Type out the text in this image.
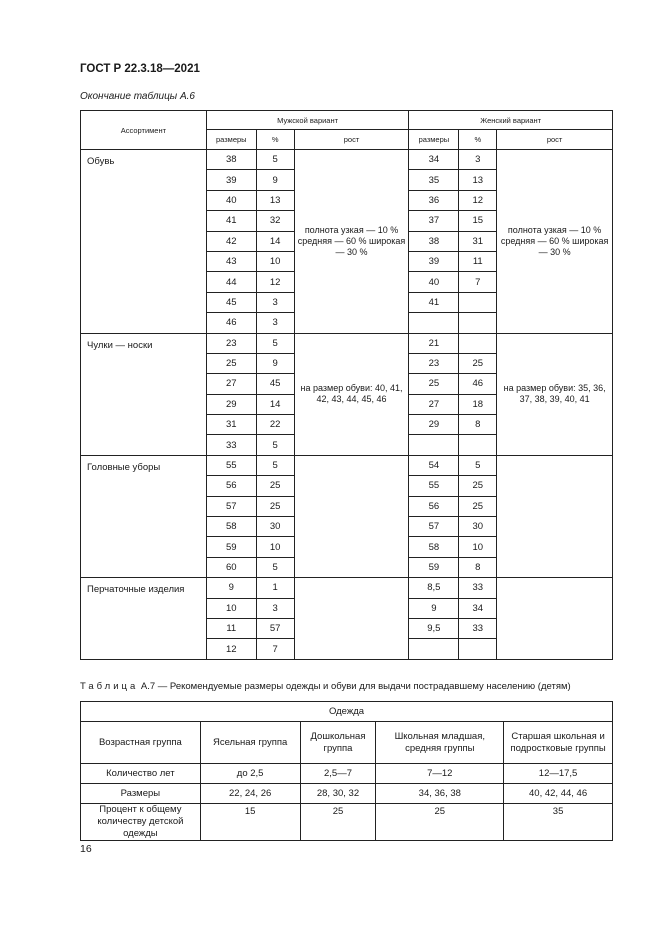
ГОСТ Р 22.3.18—2021
Окончание таблицы А.6
Ассортимент	Мужской вариант			Женский вариант		
	размеры	%	рост	размеры	%	рост
Обувь	38	5	полнота узкая — 10 % средняя — 60 % широкая — 30 %	34	3	полнота узкая — 10 % средняя — 60 % широкая — 30 %
	39	9		35	13	
	40	13		36	12	
	41	32		37	15	
	42	14		38	31	
	43	10		39	11	
	44	12		40	7	
	45	3		41		
	46	3				
Чулки — носки	23	5	на размер обуви: 40, 41, 42, 43, 44, 45, 46	21		на размер обуви: 35, 36, 37, 38, 39, 40, 41
	25	9		23	25	
	27	45		25	46	
	29	14		27	18	
	31	22		29	8	
	33	5				
Головные уборы	55	5		54	5	
	56	25		55	25	
	57	25		56	25	
	58	30		57	30	
	59	10		58	10	
	60	5		59	8	
Перчаточные изделия	9	1		8,5	33	
	10	3		9	34	
	11	57		9,5	33	
	12	7				
Таблица А.7 — Рекомендуемые размеры одежды и обуви для выдачи пострадавшему населению (детям)
Одежда				
Возрастная группа	Ясельная группа	Дошкольная группа	Школьная младшая, средняя группы	Старшая школьная и подростковые группы
Количество лет	до 2,5	2,5—7	7—12	12—17,5
Размеры	22, 24, 26	28, 30, 32	34, 36, 38	40, 42, 44, 46
Процент к общему количеству детской одежды	15	25	25	35
16
